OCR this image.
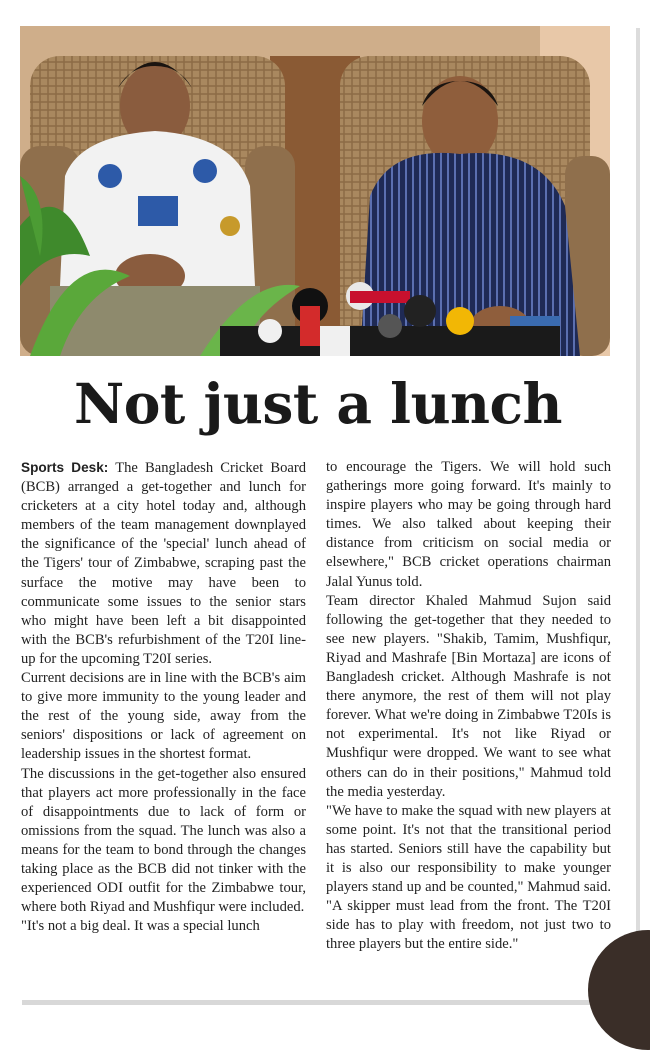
Not just a lunch

Sports Desk: The Bangladesh Cricket Board (BCB) arranged a get-together and lunch for cricketers at a city hotel today and, although members of the team management downplayed the significance of the 'special' lunch ahead of the Tigers' tour of Zimbabwe, scraping past the surface the motive may have been to communicate some issues to the senior stars who might have been left a bit disappointed with the BCB's refurbishment of the T20I line-up for the upcoming T20I series.

Current decisions are in line with the BCB's aim to give more immunity to the young leader and the rest of the young side, away from the seniors' dispositions or lack of agreement on leadership issues in the shortest format.

The discussions in the get-together also ensured that players act more professionally in the face of disappointments due to lack of form or omissions from the squad. The lunch was also a means for the team to bond through the changes taking place as the BCB did not tinker with the experienced ODI outfit for the Zimbabwe tour, where both Riyad and Mushfiqur were included.

"It's not a big deal. It was a special lunch

to encourage the Tigers. We will hold such gatherings more going forward. It's mainly to inspire players who may be going through hard times. We also talked about keeping their distance from criticism on social media or elsewhere," BCB cricket operations chairman Jalal Yunus told.

Team director Khaled Mahmud Sujon said following the get-together that they needed to see new players. "Shakib, Tamim, Mushfiqur, Riyad and Mashrafe [Bin Mortaza] are icons of Bangladesh cricket. Although Mashrafe is not there anymore, the rest of them will not play forever. What we're doing in Zimbabwe T20Is is not experimental. It's not like Riyad or Mushfiqur were dropped. We want to see what others can do in their positions," Mahmud told the media yesterday.

"We have to make the squad with new players at some point. It's not that the transitional period has started. Seniors still have the capability but it is also our responsibility to make younger players stand up and be counted," Mahmud said. "A skipper must lead from the front. The T20I side has to play with freedom, not just two to three players but the entire side."
